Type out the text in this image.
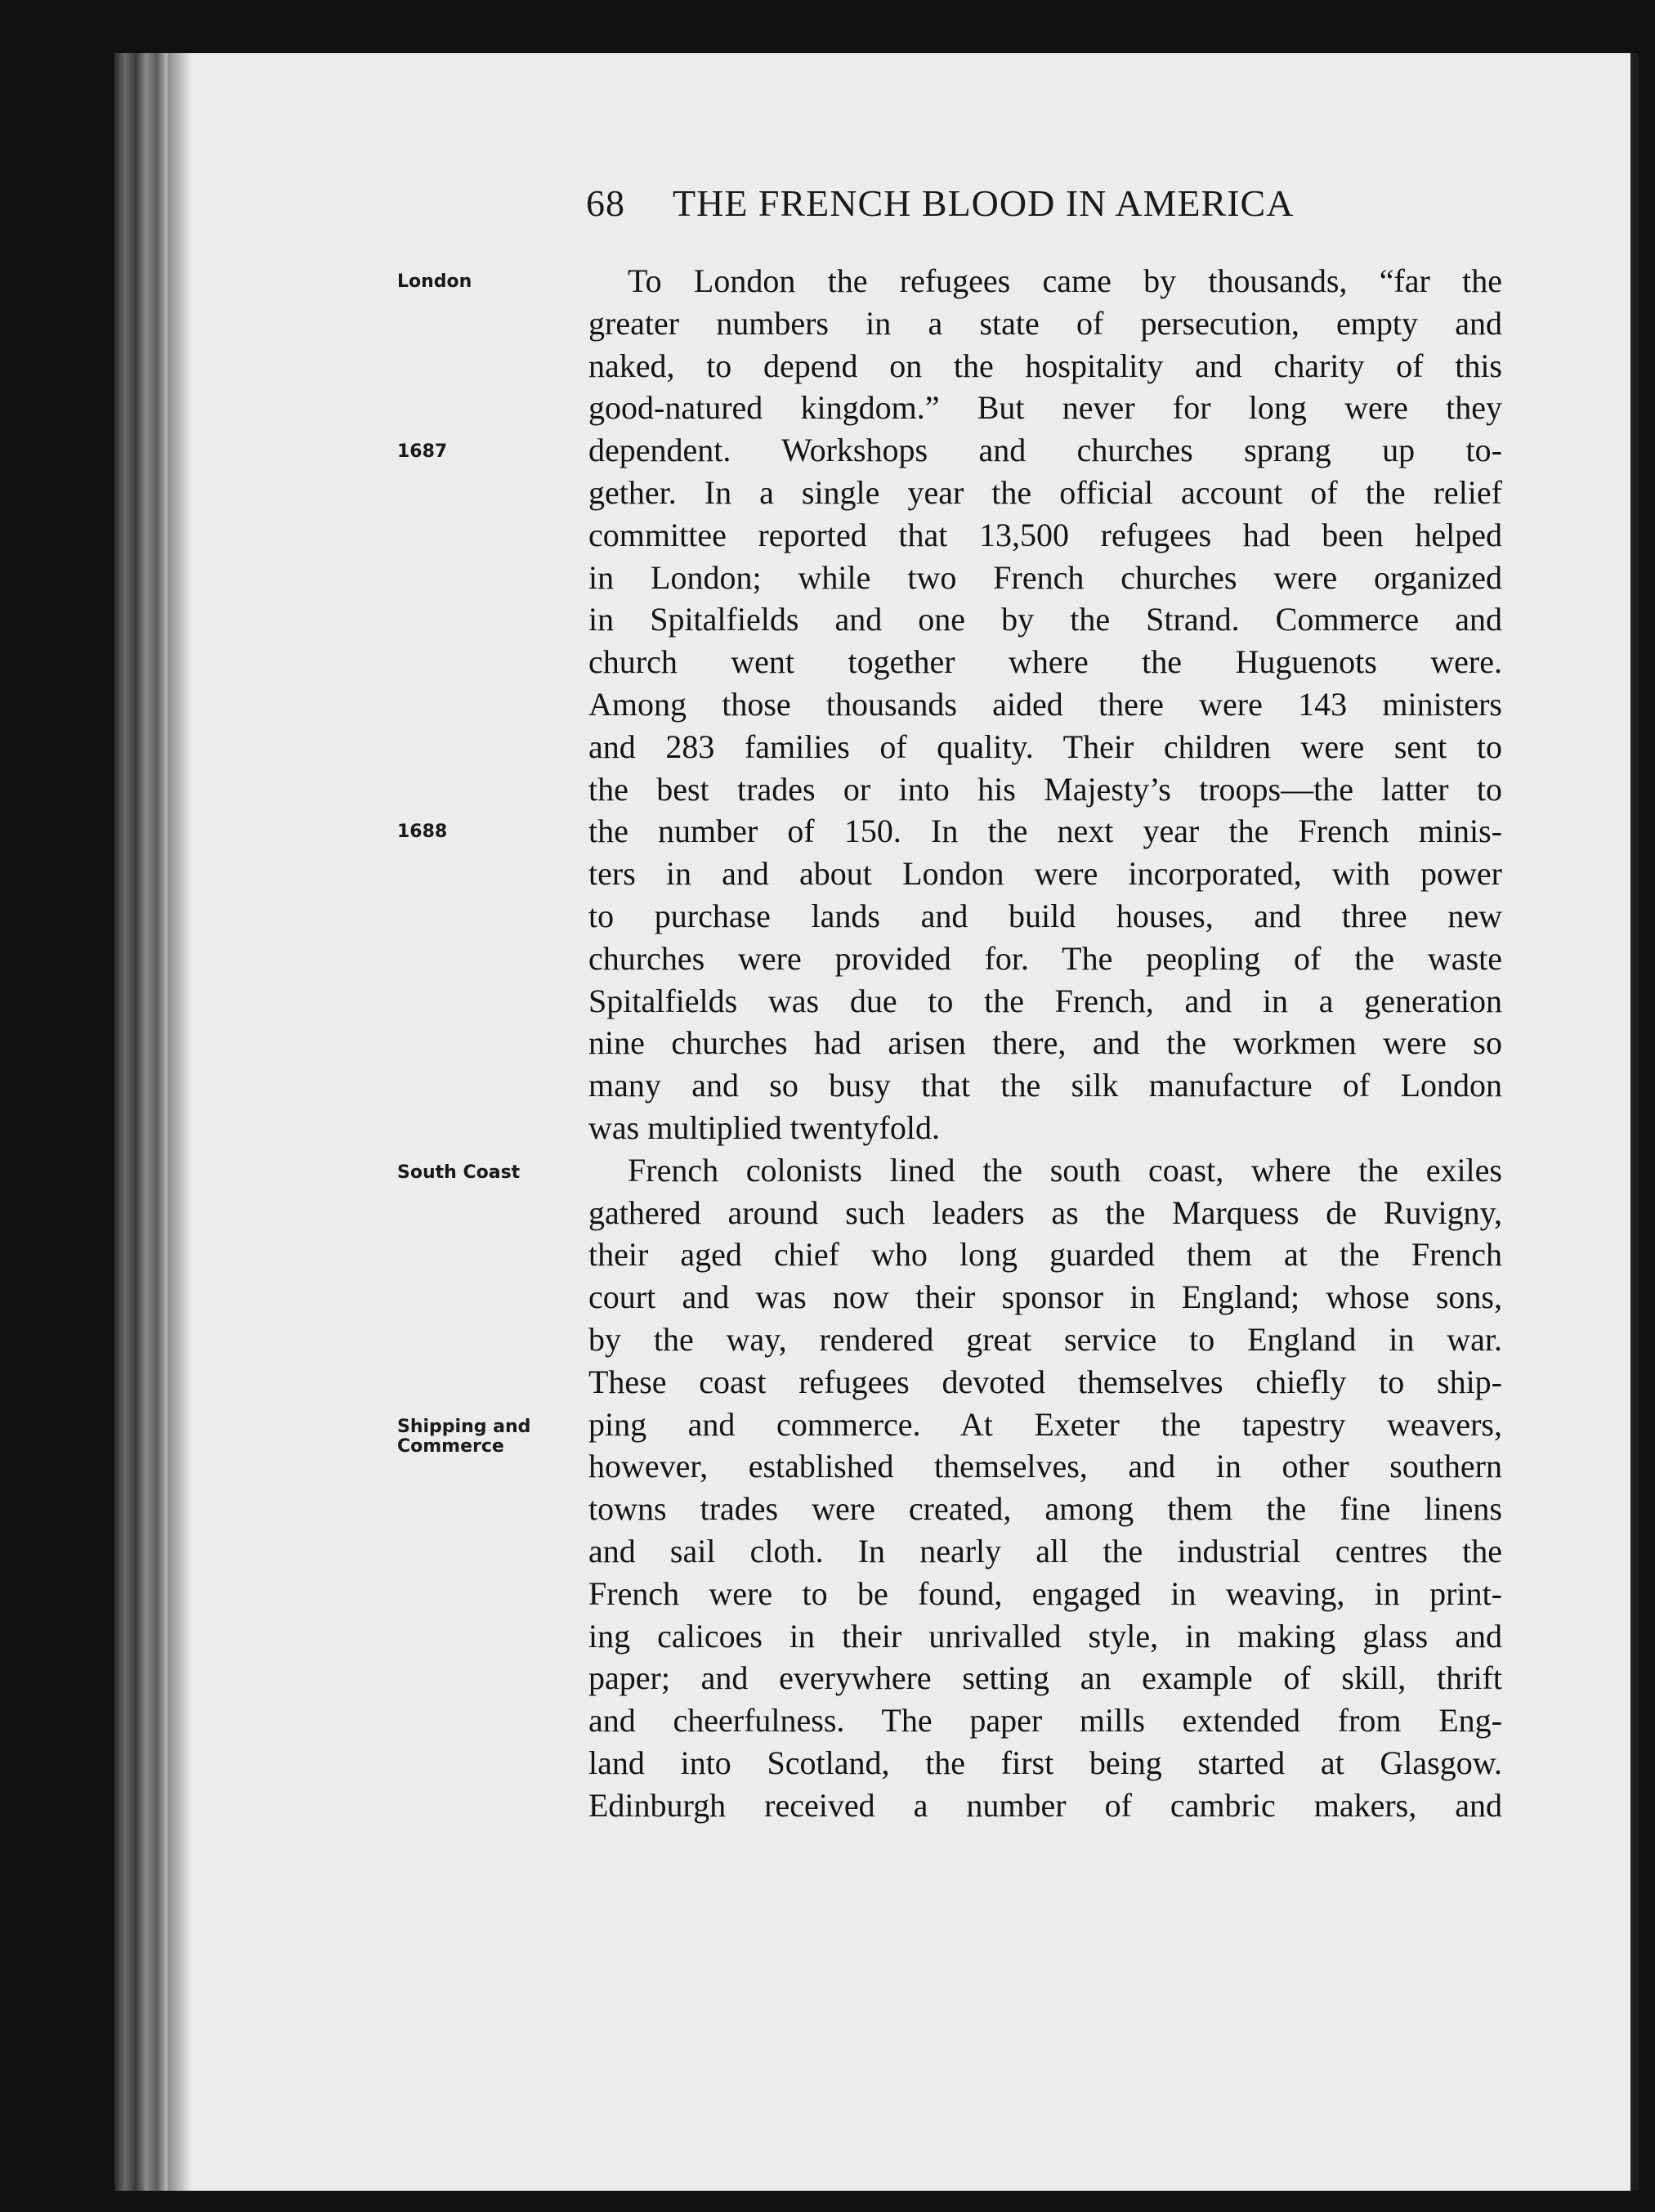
68 THE FRENCH BLOOD IN AMERICA
London
1687
1688
South Coast
Shipping and
Commerce
To London the refugees came by thousands, “far the
greater numbers in a state of persecution, empty and
naked, to depend on the hospitality and charity of this
good-natured kingdom.” But never for long were they
dependent. Workshops and churches sprang up to-
gether. In a single year the official account of the relief
committee reported that 13,500 refugees had been helped
in London; while two French churches were organized
in Spitalfields and one by the Strand. Commerce and
church went together where the Huguenots were.
Among those thousands aided there were 143 ministers
and 283 families of quality. Their children were sent to
the best trades or into his Majesty’s troops—the latter to
the number of 150. In the next year the French minis-
ters in and about London were incorporated, with power
to purchase lands and build houses, and three new
churches were provided for. The peopling of the waste
Spitalfields was due to the French, and in a generation
nine churches had arisen there, and the workmen were so
many and so busy that the silk manufacture of London
was multiplied twentyfold.
French colonists lined the south coast, where the exiles
gathered around such leaders as the Marquess de Ruvigny,
their aged chief who long guarded them at the French
court and was now their sponsor in England; whose sons,
by the way, rendered great service to England in war.
These coast refugees devoted themselves chiefly to ship-
ping and commerce. At Exeter the tapestry weavers,
however, established themselves, and in other southern
towns trades were created, among them the fine linens
and sail cloth. In nearly all the industrial centres the
French were to be found, engaged in weaving, in print-
ing calicoes in their unrivalled style, in making glass and
paper; and everywhere setting an example of skill, thrift
and cheerfulness. The paper mills extended from Eng-
land into Scotland, the first being started at Glasgow.
Edinburgh received a number of cambric makers, and
